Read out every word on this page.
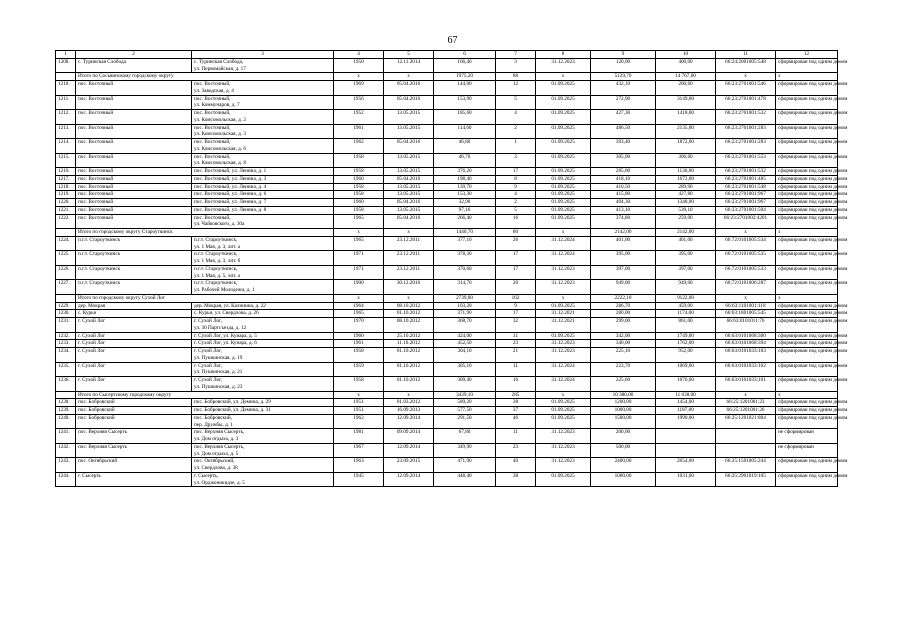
67
1	2	3	4	5	6	7	8	9	10	11	12
1208.	с. Туринская Слобода	с. Туринская Слобода,
ул. Первомайская, д. 17	1950	12.11.2014	166,40	3	31.12.2023	120,00	400,00	66:24:2001005:548	сформирован под одним домом
	Итого по Сосьвинскому городскому округу		х	х	1975,20	88	х	5129,70	14 767,00	х	х
1210.	пос. Восточный	пос. Восточный,
ул. Заводская, д. 4	1969	05.04.2016	144,00	12	01.09.2025	432,10	260,60	66:23:2701001:546	сформирован под одним домом
1211.	пос. Восточный	пос. Восточный,
ул. Коммунаров, д. 7	1956	05.04.2016	153,90	5	01.09.2025	272,90	3149,00	66:23:2701001:478	сформирован под одним домом
1212.	пос. Восточный	пос. Восточный,
ул. Комсомольская, д. 2	1952	13.05.2015	185,60	4	01.09.2025	427,30	1418,00	66:23:2701001:532	сформирован под одним домом
1213.	пос. Восточный	пос. Восточный,
ул. Комсомольская, д. 3	1961	13.05.2015	114,60	2	01.09.2025	486,50	2135,00	66:23:2701001:283	сформирован под одним домом
1214.	пос. Восточный	пос. Восточный,
ул. Комсомольская, д. 6	1962	05.04.2016	46,80	1	01.09.2025	393,40	1872,00	66:23:2701001:283	сформирован под одним домом
1215.	пос. Восточный	пос. Восточный,
ул. Комсомольская, д. 8	1958	13.05.2015	46,70	3	01.09.2025	305,90	306,60	66:23:2701001:553	сформирован под одним домом
1216.	пос. Восточный	пос. Восточный, ул. Ленина, д. 1	1958	13.05.2015	376,20	17	01.09.2025	285,00	1136,00	66:23:2701001:532	сформирован под одним домом
1217.	пос. Восточный	пос. Восточный, ул. Ленина, д. 3	1960	05.04.2016	198,40	8	01.09.2025	418,10	1672,00	66:23:2701001:485	сформирован под одним домом
1218.	пос. Восточный	пос. Восточный, ул. Ленина, д. 4	1958	13.05.2015	139,70	9	01.09.2025	410,50	289,90	66:23:2701001:548	сформирован под одним домом
1219.	пос. Восточный	пос. Восточный, ул. Ленина, д. 6	1958	13.05.2015	153,30	4	01.09.2025	415,80	427,80	66:23:2701001:967	сформирован под одним домом
1220.	пос. Восточный	пос. Восточный, ул. Ленина, д. 7	1960	05.04.2016	32,90	2	01.09.2025	404,30	1348,00	66:23:2701001:967	сформирован под одним домом
1221.	пос. Восточный	пос. Восточный, ул. Ленина, д. 8	1958	13.05.2015	97,16	5	01.09.2025	413,10	539,10	66:23:2701001:504	сформирован под одним домом
1222.	пос. Восточный	пос. Восточный,
ул. Чайковского, д. 30а	1965	05.04.2016	266,40	16	01.09.2025	374,80	259,00	66:23:2701002:4201	сформирован под одним домом
	Итого по городскому округу Староуткинск		х	х	1440,70	80	х	2142,00	2142,00	х	х
1224.	п.г.т. Староуткинск	п.г.т. Староуткинск,
ул. 1 Мая, д. 3, лит. а	1965	23.12.2011	377,10	26	31.12.2024	401,00	401,00	66:72:0101005:534	сформирован под одним домом
1225.	п.г.т. Староуткинск	п.г.т. Староуткинск,
ул. 1 Мая, д. 3, лит. б	1971	23.12.2011	378,30	17	31.12.2024	395,00	395,00	66:72:0101005:535	сформирован под одним домом
1226.	п.г.т. Староуткинск	п.г.т. Староуткинск,
ул. 1 Мая, д. 5, лит. а	1971	23.12.2011	370,60	17	31.12.2023	397,00	397,00	66:72:0101005:533	сформирован под одним домом
1227.	п.г.т. Староуткинск	п.г.т. Староуткинск,
ул. Рабочей Молодежи, д. 1	1900	30.12.2016	314,70	20	31.12.2023	949,00	949,00	66:72:0101006:287	сформирован под одним домом
	Итого по городскому округу Сухой Лог		х	х	2739,00	162	х	2222,10	9122,00	х	х
1229.	дер. Мокрая	дер. Мокрая, ул. Калинина, д. 22	1964	08.10.2012	103,20	9	01.09.2025	286,70	459,00	66:63:1101001:118	сформирован под одним домом
1230.	с. Курьи	с. Курьи, ул. Свердлова, д. 26	1965	01.10.2012	371,90	17	31.12.2021	280,00	1174,00	66:63:1801005:545	сформирован под одним домом
1231.	г. Сухой Лог	г. Сухой Лог,
ул. 30 Партсъезда, д. 12	1970	08.10.2012	368,70	32	31.12.2021	299,00	861,00	66:63:0101011:76	сформирован под одним домом
1232.	г. Сухой Лог	г. Сухой Лог, ул. Кунарa, д. 5	1960	25.10.2012	424,00	31	01.09.2025	342,00	1749,00	66:63:0101068:300	сформирован под одним домом
1233.	г. Сухой Лог	г. Сухой Лог, ул. Кунарa, д. 6	1961	11.10.2012	452,50	23	31.12.2023	340,00	1762,00	66:63:0101068:394	сформирован под одним домом
1234.	г. Сухой Лог	г. Сухой Лог,
ул. Пушкинская, д. 19	1958	01.10.2012	304,10	21	31.12.2023	225,10	952,00	66:63:0101033:103	сформирован под одним домом
1235.	г. Сухой Лог	г. Сухой Лог,
ул. Пушкинская, д. 21	1959	01.10.2012	305,10	11	31.12.2024	223,70	1069,00	66:63:0101033:102	сформирован под одним домом
1236.	г. Сухой Лог	г. Сухой Лог,
ул. Пушкинская, д. 23	1958	01.10.2012	309,40	16	31.12.2024	225,60	1076,00	66:63:0101033:101	сформирован под одним домом
	Итого по Сысертскому городскому округу		х	х	3439,10	285	х	10 380,00	11 038,00	х	х
1238.	пос. Бобровский	пос. Бобровский, ул. Демина, д. 29	1951	01.03.2012	589,20	38	01.09.2025	1200,00	1454,00	66:25:1201001:23	сформирован под одним домом
1239.	пос. Бобровский	пос. Бобровский, ул. Демина, д. 31	1951	16.09.2013	577,50	37	01.09.2025	1000,00	1187,00	66:25:1201001:26	сформирован под одним домом
1240.	пос. Бобровский	пос. Бобровский,
пер. Дружбы, д. 1	1962	12.09.2014	291,50	46	01.09.2025	1500,00	1990,00	66:25:1201021:804	сформирован под одним домом
1241.	пос. Верхняя Сысерть	пос. Верхняя Сысерть,
ул. Дом отдыха, д. 3	1981	09.09.2014	67,80	11	31.12.2023	200,00			не сформирован
1242.	пос. Верхняя Сысерть	пос. Верхняя Сысерть,
ул. Дом отдыха, д. 5	1967	12.09.2014	349,90	23	31.12.2023	500,00			не сформирован
1243.	пос. Октябрьский	пос. Октябрьский,
ул. Свердлова, д. 38	1963	23.09.2015	471,90	40	31.12.2023	2400,00	2654,00	66:25:1501005:244	сформирован под одним домом
1244.	г. Сысерть	г. Сысерть,
ул. Орджоникидзе, д. 5	1945	12.09.2014	448,40	38	01.09.2025	1000,00	1031,00	66:25:2901019:105	сформирован под одним домом
